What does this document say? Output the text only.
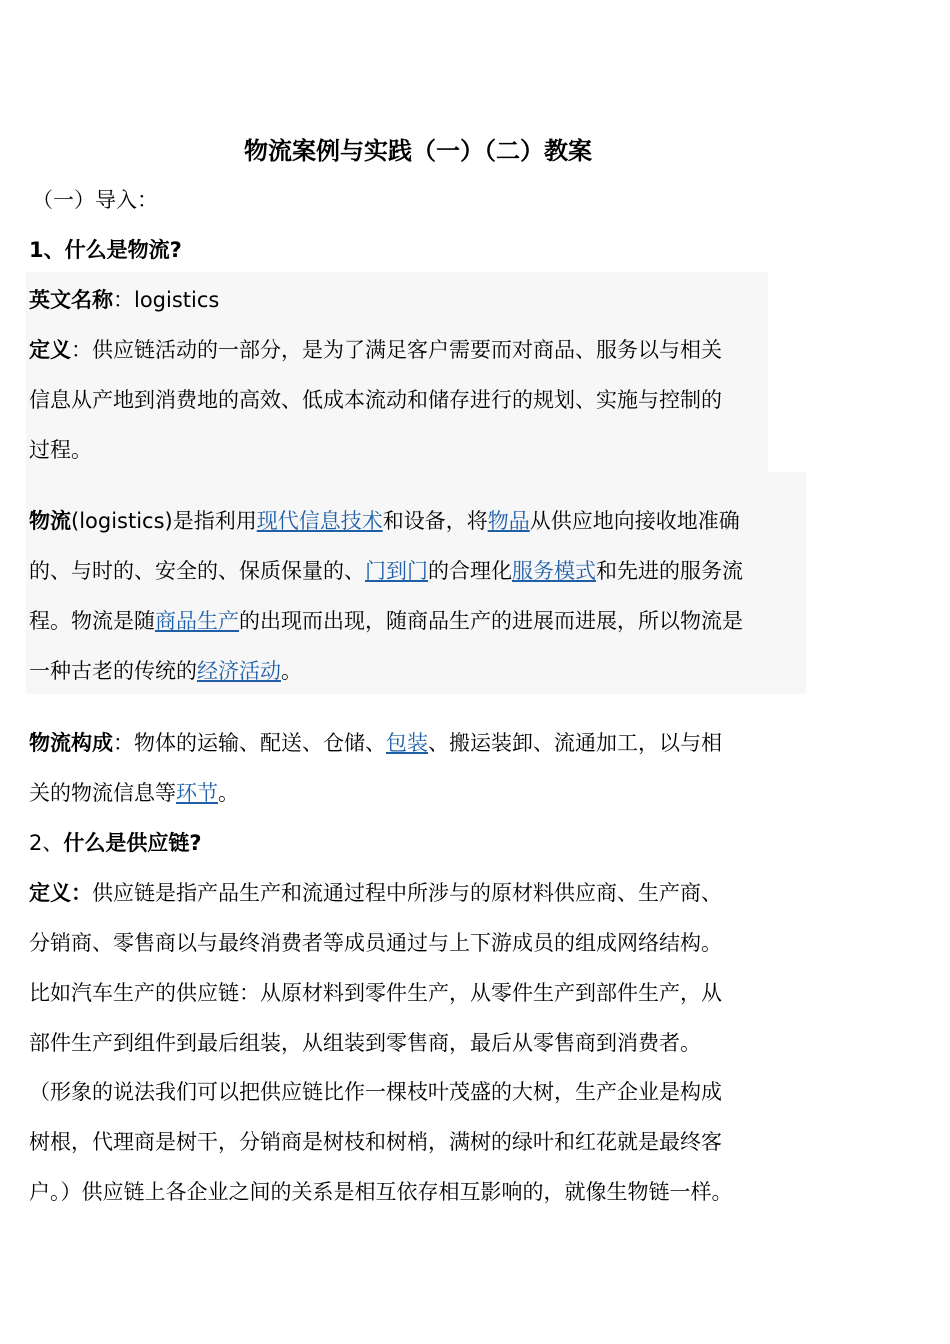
物流案例与实践（一）（二）教案
（一）导入：
1、什么是物流?
英文名称：logistics
定义：供应链活动的一部分，是为了满足客户需要而对商品、服务以与相关
信息从产地到消费地的高效、低成本流动和储存进行的规划、实施与控制的
过程。
物流(logistics)是指利用现代信息技术和设备，将物品从供应地向接收地准确
的、与时的、安全的、保质保量的、门到门的合理化服务模式和先进的服务流
程。物流是随商品生产的出现而出现，随商品生产的进展而进展，所以物流是
一种古老的传统的经济活动。
物流构成：物体的运输、配送、仓储、包装、搬运装卸、流通加工，以与相
关的物流信息等环节。
2、什么是供应链?
定义：供应链是指产品生产和流通过程中所涉与的原材料供应商、生产商、
分销商、零售商以与最终消费者等成员通过与上下游成员的组成网络结构。
比如汽车生产的供应链：从原材料到零件生产，从零件生产到部件生产，从
部件生产到组件到最后组装，从组装到零售商，最后从零售商到消费者。
（形象的说法我们可以把供应链比作一棵枝叶茂盛的大树，生产企业是构成
树根，代理商是树干，分销商是树枝和树梢，满树的绿叶和红花就是最终客
户。）供应链上各企业之间的关系是相互依存相互影响的，就像生物链一样。
